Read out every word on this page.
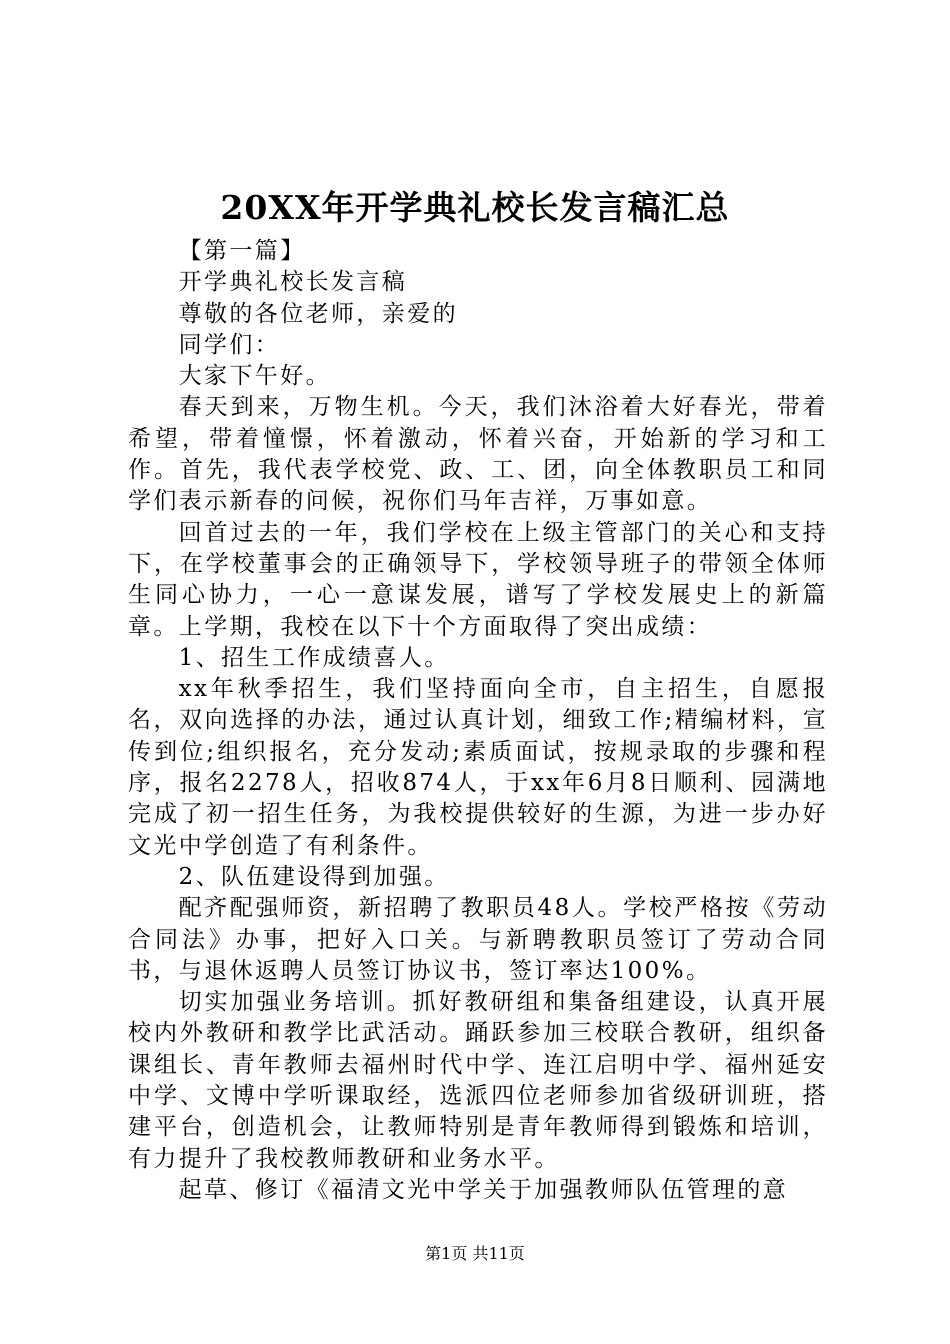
20XX年开学典礼校长发言稿汇总

【第一篇】

开学典礼校长发言稿

尊敬的各位老师，亲爱的

同学们：

大家下午好。

春天到来，万物生机。今天，我们沐浴着大好春光，带着希望，带着憧憬，怀着激动，怀着兴奋，开始新的学习和工作。首先，我代表学校党、政、工、团，向全体教职员工和同学们表示新春的问候，祝你们马年吉祥，万事如意。

回首过去的一年，我们学校在上级主管部门的关心和支持下，在学校董事会的正确领导下，学校领导班子的带领全体师生同心协力，一心一意谋发展，谱写了学校发展史上的新篇章。上学期，我校在以下十个方面取得了突出成绩：

1、招生工作成绩喜人。

xx年秋季招生，我们坚持面向全市，自主招生，自愿报名，双向选择的办法，通过认真计划，细致工作;精编材料，宣传到位;组织报名，充分发动;素质面试，按规录取的步骤和程序，报名2278人，招收874人，于xx年6月8日顺利、园满地完成了初一招生任务，为我校提供较好的生源，为进一步办好文光中学创造了有利条件。

2、队伍建设得到加强。

配齐配强师资，新招聘了教职员48人。学校严格按《劳动合同法》办事，把好入口关。与新聘教职员签订了劳动合同书，与退休返聘人员签订协议书，签订率达100%。

切实加强业务培训。抓好教研组和集备组建设，认真开展校内外教研和教学比武活动。踊跃参加三校联合教研，组织备课组长、青年教师去福州时代中学、连江启明中学、福州延安中学、文博中学听课取经，选派四位老师参加省级研训班，搭建平台，创造机会，让教师特别是青年教师得到锻炼和培训，有力提升了我校教师教研和业务水平。

起草、修订《福清文光中学关于加强教师队伍管理的意

第1页 共11页
